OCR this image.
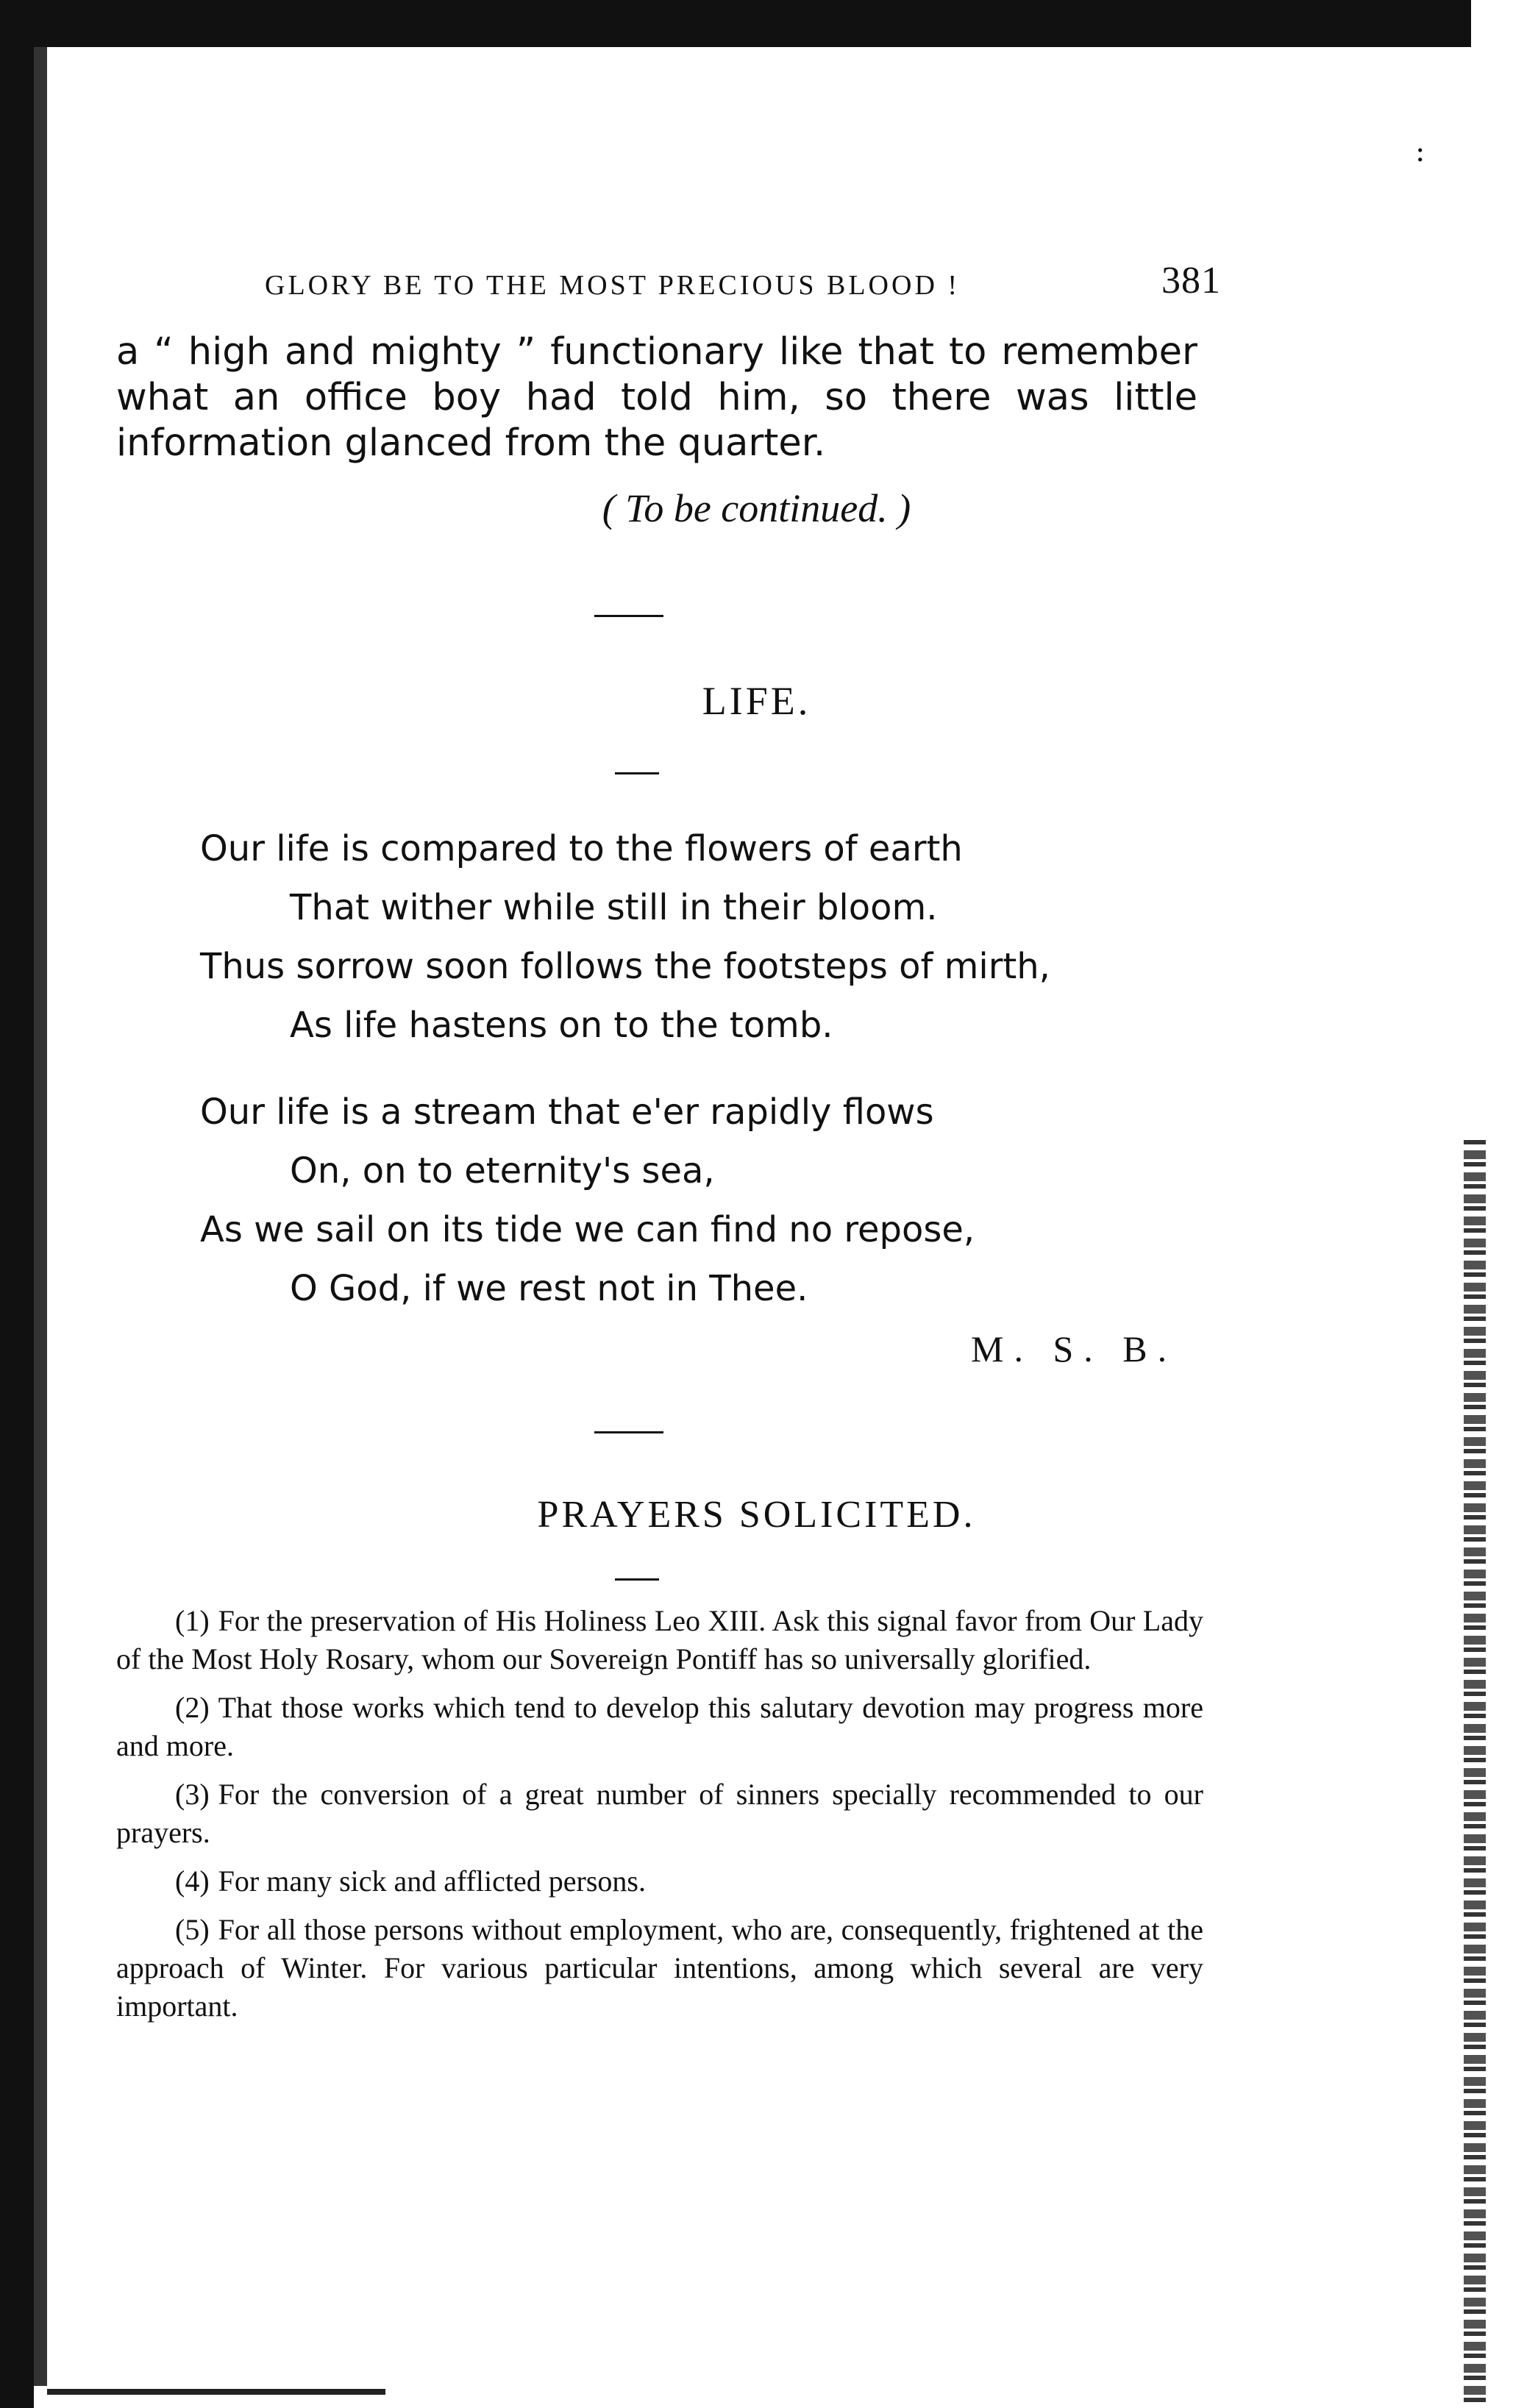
:
GLORY BE TO THE MOST PRECIOUS BLOOD !	381
a “ high and mighty ” functionary like that to remember what an office boy had told him, so there was little information glanced from the quarter.
( To be continued. )
LIFE.
Our life is compared to the flowers of earth
That wither while still in their bloom.
Thus sorrow soon follows the footsteps of mirth,
As life hastens on to the tomb.
Our life is a stream that e'er rapidly flows
On, on to eternity's sea,
As we sail on its tide we can find no repose,
O God, if we rest not in Thee.
M. S. B.
PRAYERS SOLICITED.

(1) For the preservation of His Holiness Leo XIII. Ask this signal favor from Our Lady of the Most Holy Rosary, whom our Sovereign Pontiff has so universally glorified.

(2) That those works which tend to develop this salutary devotion may progress more and more.

(3) For the conversion of a great number of sinners specially recommended to our prayers.

(4) For many sick and afflicted persons.

(5) For all those persons without employment, who are, consequently, frightened at the approach of Winter. For various particular intentions, among which several are very important.
